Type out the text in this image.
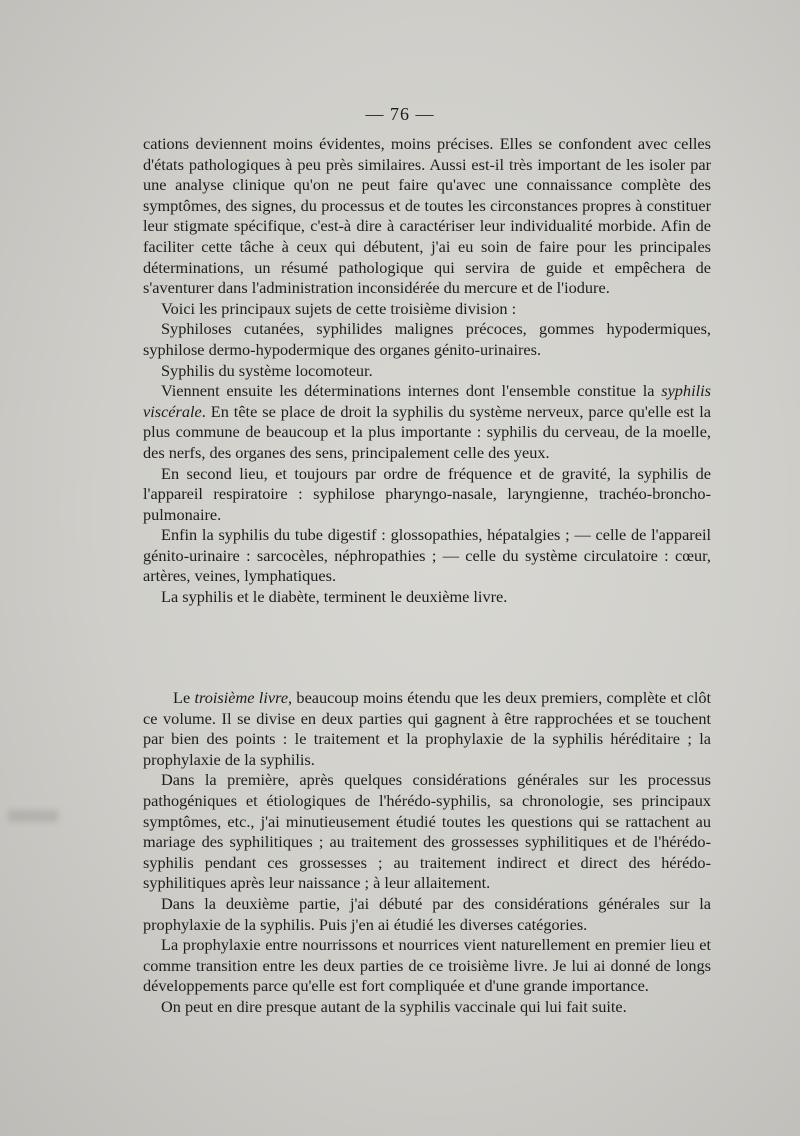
— 76 —

cations deviennent moins évidentes, moins précises. Elles se confondent avec celles d'états pathologiques à peu près similaires. Aussi est-il très important de les isoler par une analyse clinique qu'on ne peut faire qu'avec une connaissance complète des symptômes, des signes, du processus et de toutes les circonstances propres à constituer leur stigmate spécifique, c'est-à dire à caractériser leur individualité morbide. Afin de faciliter cette tâche à ceux qui débutent, j'ai eu soin de faire pour les principales déterminations, un résumé pathologique qui servira de guide et empêchera de s'aventurer dans l'administration inconsidérée du mercure et de l'iodure.

Voici les principaux sujets de cette troisième division :

Syphiloses cutanées, syphilides malignes précoces, gommes hypodermiques, syphilose dermo-hypodermique des organes génito-urinaires.

Syphilis du système locomoteur.

Viennent ensuite les déterminations internes dont l'ensemble constitue la syphilis viscérale. En tête se place de droit la syphilis du système nerveux, parce qu'elle est la plus commune de beaucoup et la plus importante : syphilis du cerveau, de la moelle, des nerfs, des organes des sens, principalement celle des yeux.

En second lieu, et toujours par ordre de fréquence et de gravité, la syphilis de l'appareil respiratoire : syphilose pharyngo-nasale, laryngienne, trachéo-broncho-pulmonaire.

Enfin la syphilis du tube digestif : glossopathies, hépatalgies ; — celle de l'appareil génito-urinaire : sarcocèles, néphropathies ; — celle du système circulatoire : cœur, artères, veines, lymphatiques.

La syphilis et le diabète, terminent le deuxième livre.

Le troisième livre, beaucoup moins étendu que les deux premiers, complète et clôt ce volume. Il se divise en deux parties qui gagnent à être rapprochées et se touchent par bien des points : le traitement et la prophylaxie de la syphilis héréditaire ; la prophylaxie de la syphilis.

Dans la première, après quelques considérations générales sur les processus pathogéniques et étiologiques de l'hérédo-syphilis, sa chronologie, ses principaux symptômes, etc., j'ai minutieusement étudié toutes les questions qui se rattachent au mariage des syphilitiques ; au traitement des grossesses syphilitiques et de l'hérédo-syphilis pendant ces grossesses ; au traitement indirect et direct des hérédo-syphilitiques après leur naissance ; à leur allaitement.

Dans la deuxième partie, j'ai débuté par des considérations générales sur la prophylaxie de la syphilis. Puis j'en ai étudié les diverses catégories.

La prophylaxie entre nourrissons et nourrices vient naturellement en premier lieu et comme transition entre les deux parties de ce troisième livre. Je lui ai donné de longs développements parce qu'elle est fort compliquée et d'une grande importance.

On peut en dire presque autant de la syphilis vaccinale qui lui fait suite.
